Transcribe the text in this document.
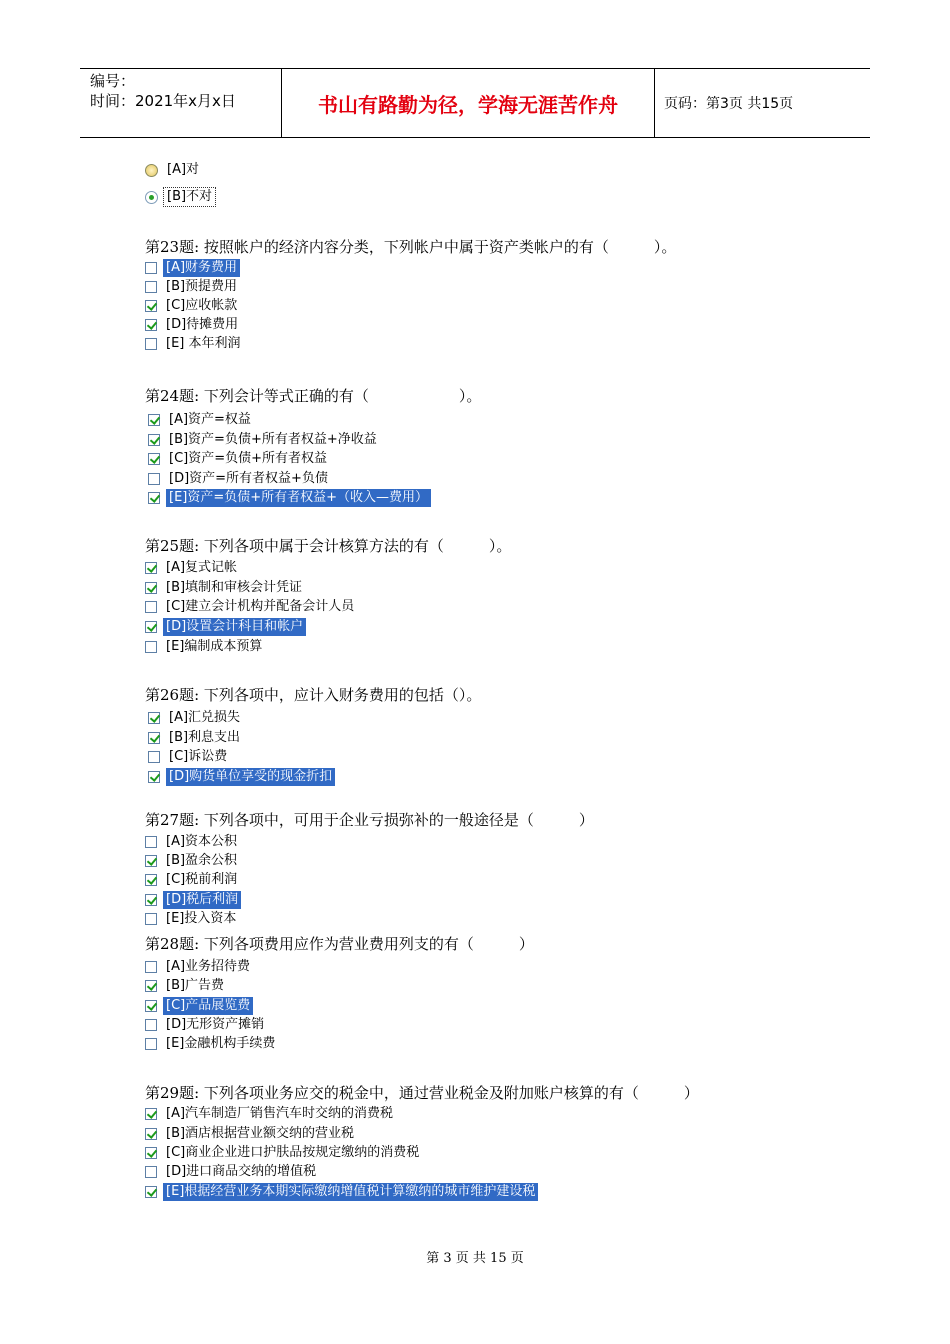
编号：
时间：2021年x月x日	书山有路勤为径，学海无涯苦作舟	页码：第3页 共15页
[A]对
[B]不对
第23题: 按照帐户的经济内容分类，下列帐户中属于资产类帐户的有（　　　）。
[A]财务费用
[B]预提费用
[C]应收帐款
[D]待摊费用
[E] 本年利润
第24题: 下列会计等式正确的有（　　　　　　）。
[A]资产=权益
[B]资产=负债+所有者权益+净收益
[C]资产=负债+所有者权益
[D]资产=所有者权益+负债
[E]资产=负债+所有者权益+（收入—费用）
第25题: 下列各项中属于会计核算方法的有（　　　）。
[A]复式记帐
[B]填制和审核会计凭证
[C]建立会计机构并配备会计人员
[D]设置会计科目和帐户
[E]编制成本预算
第26题: 下列各项中，应计入财务费用的包括（）。
[A]汇兑损失
[B]利息支出
[C]诉讼费
[D]购货单位享受的现金折扣
第27题: 下列各项中，可用于企业亏损弥补的一般途径是（　　　）
[A]资本公积
[B]盈余公积
[C]税前利润
[D]税后利润
[E]投入资本
第28题: 下列各项费用应作为营业费用列支的有（　　　）
[A]业务招待费
[B]广告费
[C]产品展览费
[D]无形资产摊销
[E]金融机构手续费
第29题: 下列各项业务应交的税金中，通过营业税金及附加账户核算的有（　　　）
[A]汽车制造厂销售汽车时交纳的消费税
[B]酒店根据营业额交纳的营业税
[C]商业企业进口护肤品按规定缴纳的消费税
[D]进口商品交纳的增值税
[E]根据经营业务本期实际缴纳增值税计算缴纳的城市维护建设税
第 3 页 共 15 页
